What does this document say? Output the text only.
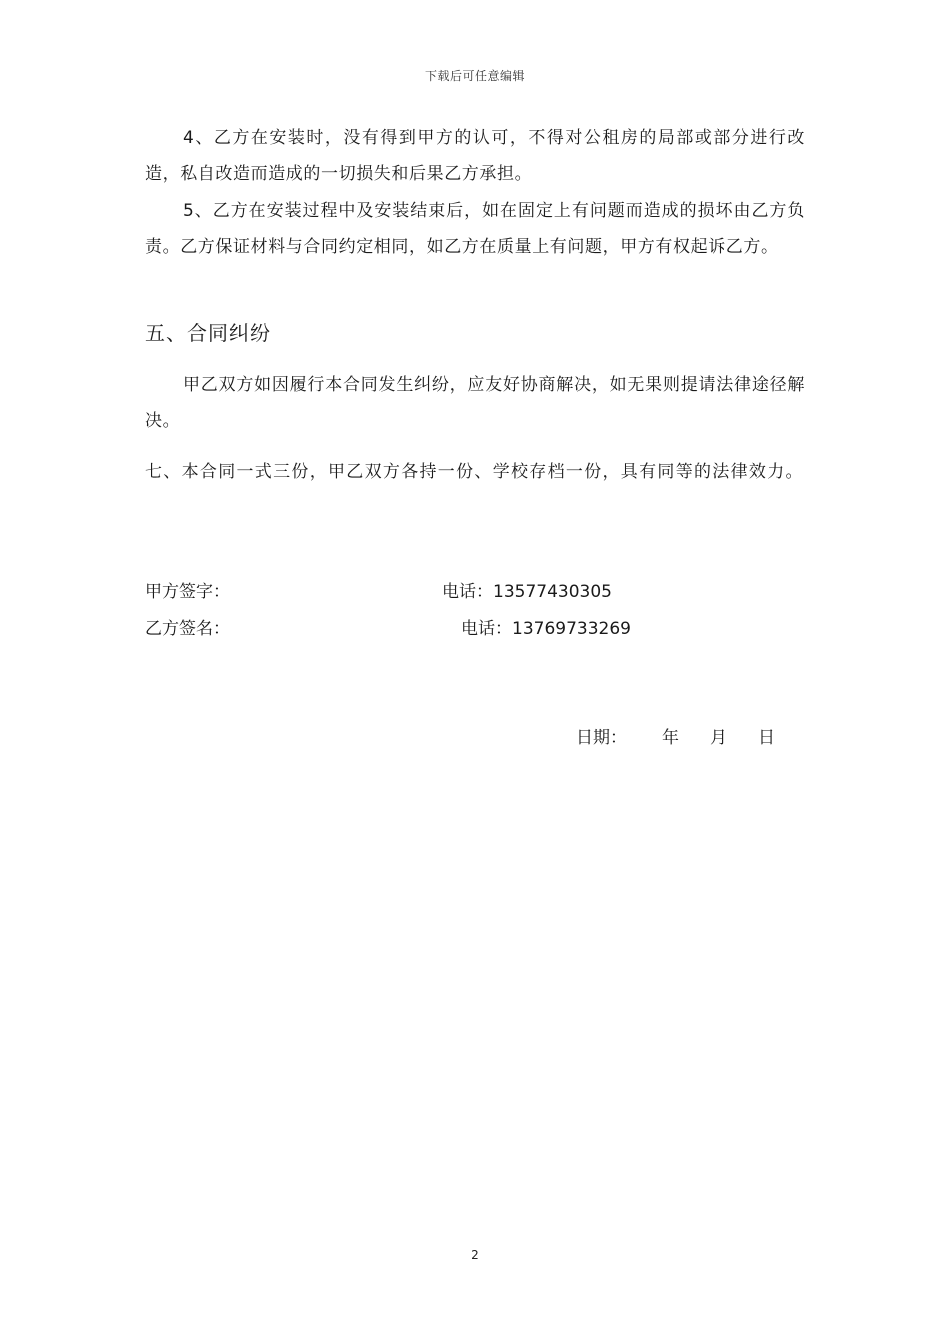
下载后可任意编辑

4、乙方在安装时，没有得到甲方的认可，不得对公租房的局部或部分进行改造，私自改造而造成的一切损失和后果乙方承担。

5、乙方在安装过程中及安装结束后，如在固定上有问题而造成的损坏由乙方负责。乙方保证材料与合同约定相同，如乙方在质量上有问题，甲方有权起诉乙方。

五、合同纠纷

甲乙双方如因履行本合同发生纠纷，应友好协商解决，如无果则提请法律途径解决。

七、本合同一式三份，甲乙双方各持一份、学校存档一份，具有同等的法律效力。

甲方签字：	电话：13577430305
乙方签名：	电话：13769733269
日期： 年 月 日
2
